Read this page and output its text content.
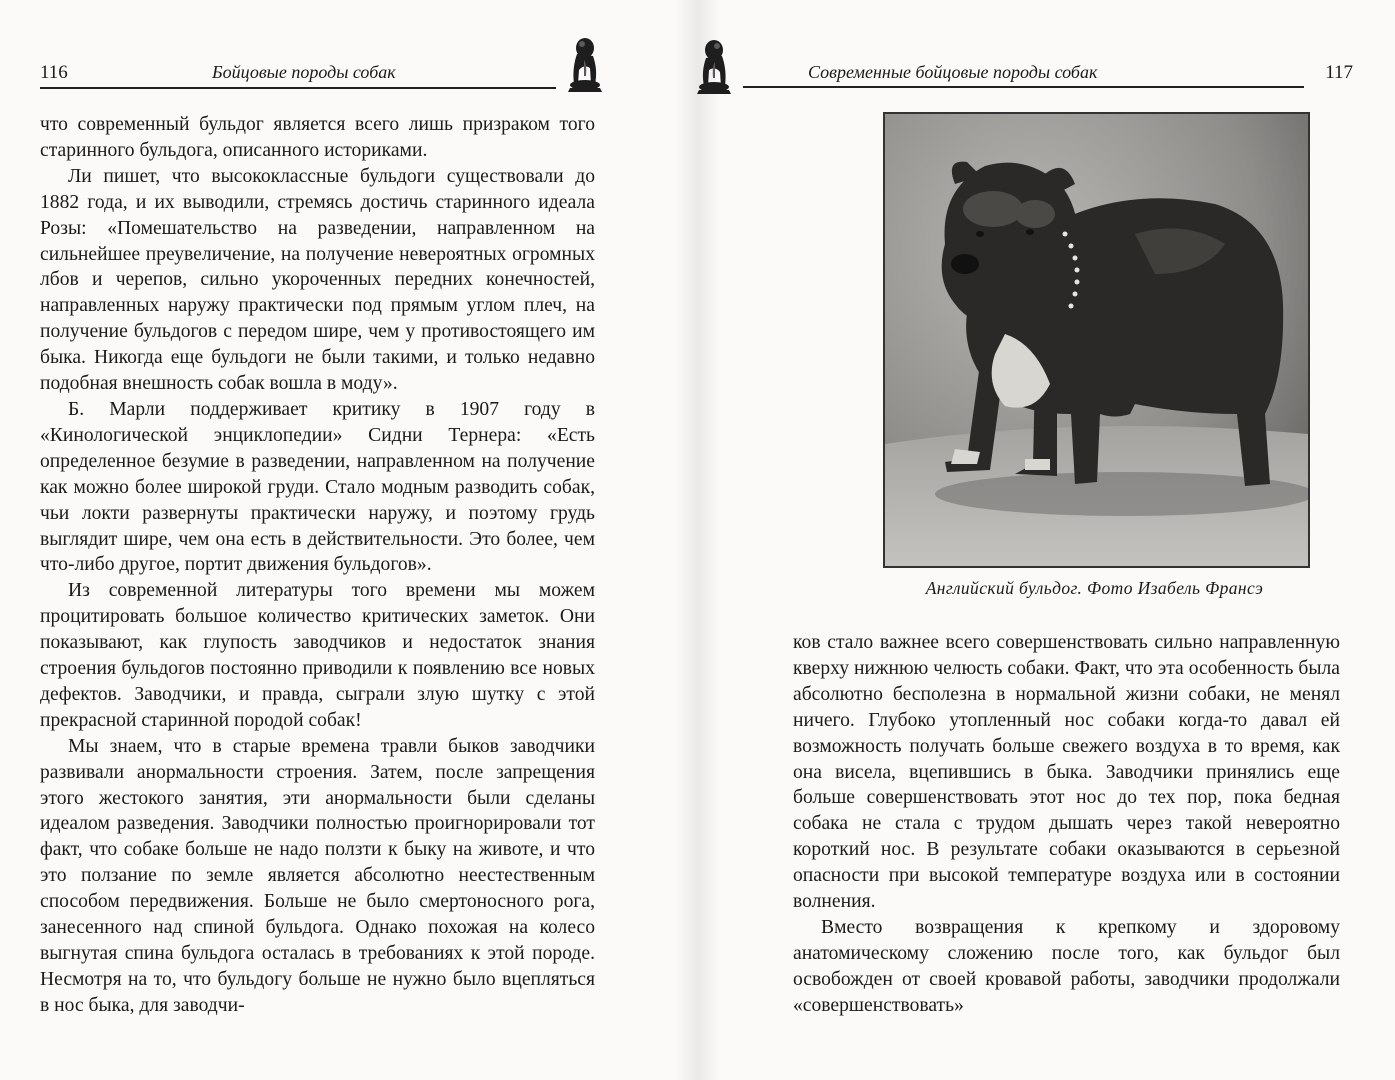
116	Бойцовые породы собак

что современный бульдог является всего лишь призраком того старинного бульдога, описанного историками.

Ли пишет, что высококлассные бульдоги существовали до 1882 года, и их выводили, стремясь достичь старинного идеала Розы: «Помешательство на разведении, направленном на сильнейшее преувеличение, на получение невероятных огромных лбов и черепов, сильно укороченных передних конечностей, направленных наружу практически под прямым углом плеч, на получение бульдогов с передом шире, чем у противостоящего им быка. Никогда еще бульдоги не были такими, и только недавно подобная внешность собак вошла в моду».

Б. Марли поддерживает критику в 1907 году в «Кинологической энциклопедии» Сидни Тернера: «Есть определенное безумие в разведении, направленном на получение как можно более широкой груди. Стало модным разводить собак, чьи локти развернуты практически наружу, и поэтому грудь выглядит шире, чем она есть в действительности. Это более, чем что-либо другое, портит движения бульдогов».

Из современной литературы того времени мы можем процитировать большое количество критических заметок. Они показывают, как глупость заводчиков и недостаток знания строения бульдогов постоянно приводили к появлению все новых дефектов. Заводчики, и правда, сыграли злую шутку с этой прекрасной старинной породой собак!

Мы знаем, что в старые времена травли быков заводчики развивали анормальности строения. Затем, после запрещения этого жестокого занятия, эти анормальности были сделаны идеалом разведения. Заводчики полностью проигнорировали тот факт, что собаке больше не надо ползти к быку на животе, и что это ползание по земле является абсолютно неестественным способом передвижения. Больше не было смертоносного рога, занесенного над спиной бульдога. Однако похожая на колесо выгнутая спина бульдога осталась в требованиях к этой породе. Несмотря на то, что бульдогу больше не нужно было вцепляться в нос быка, для заводчи-

Современные бойцовые породы собак	117
Английский бульдог. Фото Изабель Франсэ

ков стало важнее всего совершенствовать сильно направленную кверху нижнюю челюсть собаки. Факт, что эта особенность была абсолютно бесполезна в нормальной жизни собаки, не менял ничего. Глубоко утопленный нос собаки когда-то давал ей возможность получать больше свежего воздуха в то время, как она висела, вцепившись в быка. Заводчики принялись еще больше совершенствовать этот нос до тех пор, пока бедная собака не стала с трудом дышать через такой невероятно короткий нос. В результате собаки оказываются в серьезной опасности при высокой температуре воздуха или в состоянии волнения.

Вместо возвращения к крепкому и здоровому анатомическому сложению после того, как бульдог был освобожден от своей кровавой работы, заводчики продолжали «совершенствовать»
